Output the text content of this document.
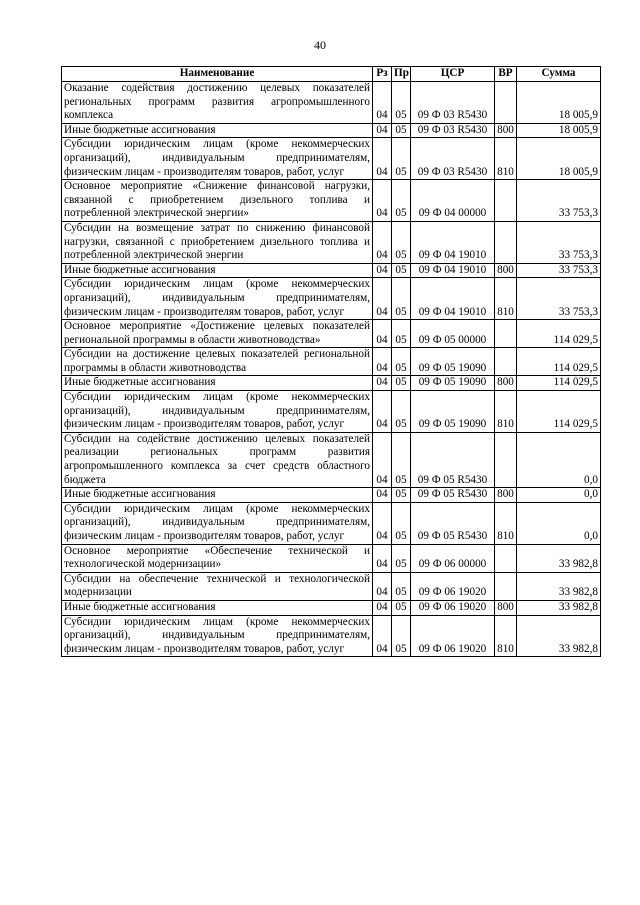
40
Наименование	Рз	Пр	ЦСР	ВР	Сумма
Оказание содействия достижению целевых показателей региональных программ развития агропромышленного комплекса	04	05	09 Ф 03 R5430		18 005,9
Иные бюджетные ассигнования	04	05	09 Ф 03 R5430	800	18 005,9
Субсидии юридическим лицам (кроме некоммерческих организаций), индивидуальным предпринимателям, физическим лицам - производителям товаров, работ, услуг	04	05	09 Ф 03 R5430	810	18 005,9
Основное мероприятие «Снижение финансовой нагрузки, связанной с приобретением дизельного топлива и потребленной электрической энергии»	04	05	09 Ф 04 00000		33 753,3
Субсидии на возмещение затрат по снижению финансовой нагрузки, связанной с приобретением дизельного топлива и потребленной электрической энергии	04	05	09 Ф 04 19010		33 753,3
Иные бюджетные ассигнования	04	05	09 Ф 04 19010	800	33 753,3
Субсидии юридическим лицам (кроме некоммерческих организаций), индивидуальным предпринимателям, физическим лицам - производителям товаров, работ, услуг	04	05	09 Ф 04 19010	810	33 753,3
Основное мероприятие «Достижение целевых показателей региональной программы в области животноводства»	04	05	09 Ф 05 00000		114 029,5
Субсидии на достижение целевых показателей региональной программы в области животноводства	04	05	09 Ф 05 19090		114 029,5
Иные бюджетные ассигнования	04	05	09 Ф 05 19090	800	114 029,5
Субсидии юридическим лицам (кроме некоммерческих организаций), индивидуальным предпринимателям, физическим лицам - производителям товаров, работ, услуг	04	05	09 Ф 05 19090	810	114 029,5
Субсидии на содействие достижению целевых показателей реализации региональных программ развития агропромышленного комплекса за счет средств областного бюджета	04	05	09 Ф 05 R5430		0,0
Иные бюджетные ассигнования	04	05	09 Ф 05 R5430	800	0,0
Субсидии юридическим лицам (кроме некоммерческих организаций), индивидуальным предпринимателям, физическим лицам - производителям товаров, работ, услуг	04	05	09 Ф 05 R5430	810	0,0
Основное мероприятие «Обеспечение технической и технологической модернизации»	04	05	09 Ф 06 00000		33 982,8
Субсидии на обеспечение технической и технологической модернизации	04	05	09 Ф 06 19020		33 982,8
Иные бюджетные ассигнования	04	05	09 Ф 06 19020	800	33 982,8
Субсидии юридическим лицам (кроме некоммерческих организаций), индивидуальным предпринимателям, физическим лицам - производителям товаров, работ, услуг	04	05	09 Ф 06 19020	810	33 982,8
